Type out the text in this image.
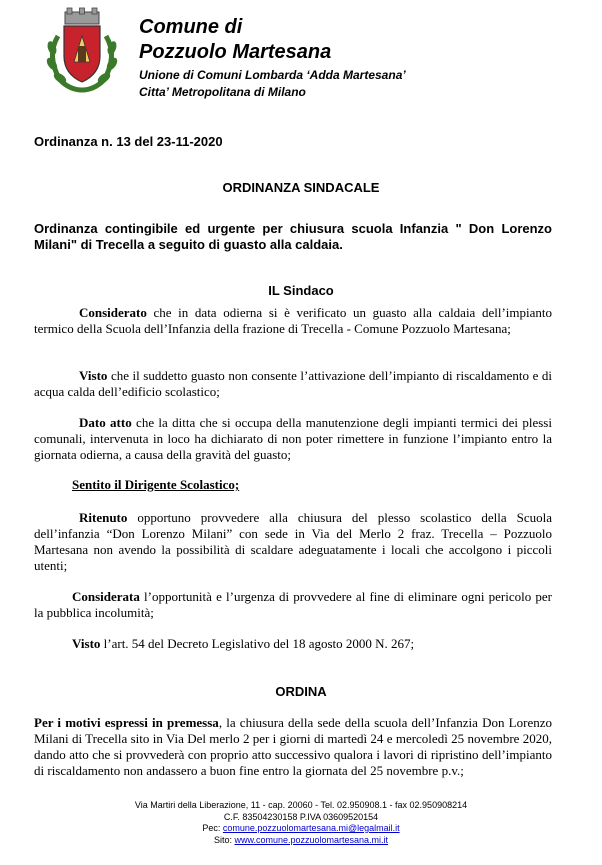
Comune di
Pozzuolo Martesana
Unione di Comuni Lombarda ‘Adda Martesana’
Citta’ Metropolitana di Milano
Ordinanza n. 13 del 23-11-2020
ORDINANZA SINDACALE
Ordinanza contingibile ed urgente per chiusura scuola Infanzia " Don Lorenzo Milani" di Trecella a seguito di guasto alla caldaia.
IL Sindaco
Considerato che in data odierna si è verificato un guasto alla caldaia dell’impianto termico della Scuola dell’Infanzia della frazione di Trecella - Comune Pozzuolo Martesana;
Visto che il suddetto guasto non consente l’attivazione dell’impianto di riscaldamento e di acqua calda dell’edificio scolastico;
Dato atto che la ditta che si occupa della manutenzione degli impianti termici dei plessi comunali, intervenuta in loco ha dichiarato di non poter rimettere in funzione l’impianto entro la giornata odierna, a causa della gravità del guasto;
Sentito il Dirigente Scolastico;
Ritenuto opportuno provvedere alla chiusura del plesso scolastico della Scuola dell’infanzia “Don Lorenzo Milani” con sede in Via del Merlo 2 fraz. Trecella – Pozzuolo Martesana non avendo la possibilità di scaldare adeguatamente i locali che accolgono i piccoli utenti;
Considerata l’opportunità e l’urgenza di provvedere al fine di eliminare ogni pericolo per la pubblica incolumità;
Visto l’art. 54 del Decreto Legislativo del 18 agosto 2000 N. 267;
ORDINA
Per i motivi espressi in premessa, la chiusura della sede della scuola dell’Infanzia Don Lorenzo Milani di Trecella sito in Via Del merlo 2 per i giorni di martedì 24 e mercoledì 25 novembre 2020, dando atto che si provvederà con proprio atto successivo qualora i lavori di ripristino dell’impianto di riscaldamento non andassero a buon fine entro la giornata del 25 novembre p.v.;
Via Martiri della Liberazione, 11 - cap. 20060 - Tel. 02.950908.1 - fax 02.950908214
C.F. 83504230158 P.IVA 03609520154
Pec: comune.pozzuolomartesana.mi@legalmail.it
Sito: www.comune.pozzuolomartesana.mi.it
